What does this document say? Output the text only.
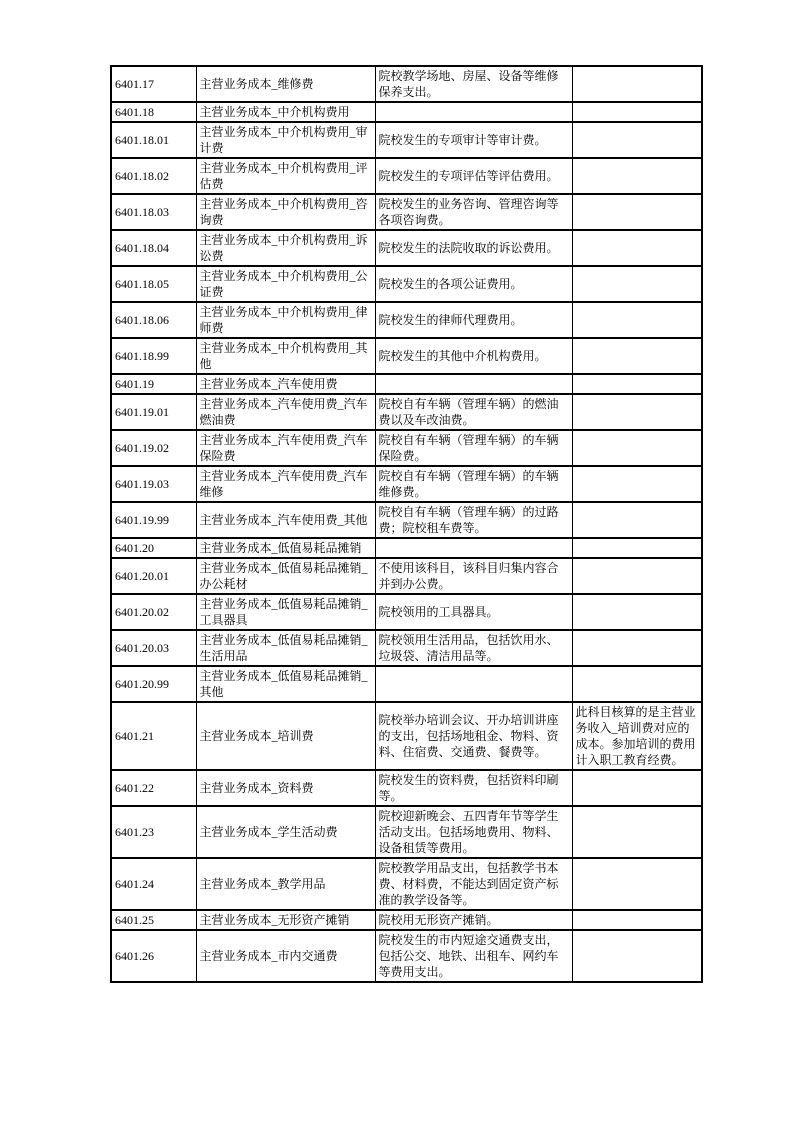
6401.17	主营业务成本_维修费	院校教学场地、房屋、设备等维修保养支出。	
6401.18	主营业务成本_中介机构费用		
6401.18.01	主营业务成本_中介机构费用_审计费	院校发生的专项审计等审计费。	
6401.18.02	主营业务成本_中介机构费用_评估费	院校发生的专项评估等评估费用。	
6401.18.03	主营业务成本_中介机构费用_咨询费	院校发生的业务咨询、管理咨询等各项咨询费。	
6401.18.04	主营业务成本_中介机构费用_诉讼费	院校发生的法院收取的诉讼费用。	
6401.18.05	主营业务成本_中介机构费用_公证费	院校发生的各项公证费用。	
6401.18.06	主营业务成本_中介机构费用_律师费	院校发生的律师代理费用。	
6401.18.99	主营业务成本_中介机构费用_其他	院校发生的其他中介机构费用。	
6401.19	主营业务成本_汽车使用费		
6401.19.01	主营业务成本_汽车使用费_汽车燃油费	院校自有车辆（管理车辆）的燃油费以及车改油费。	
6401.19.02	主营业务成本_汽车使用费_汽车保险费	院校自有车辆（管理车辆）的车辆保险费。	
6401.19.03	主营业务成本_汽车使用费_汽车维修	院校自有车辆（管理车辆）的车辆维修费。	
6401.19.99	主营业务成本_汽车使用费_其他	院校自有车辆（管理车辆）的过路费；院校租车费等。	
6401.20	主营业务成本_低值易耗品摊销		
6401.20.01	主营业务成本_低值易耗品摊销_办公耗材	不使用该科目，该科目归集内容合并到办公费。	
6401.20.02	主营业务成本_低值易耗品摊销_工具器具	院校领用的工具器具。	
6401.20.03	主营业务成本_低值易耗品摊销_生活用品	院校领用生活用品，包括饮用水、垃圾袋、清洁用品等。	
6401.20.99	主营业务成本_低值易耗品摊销_其他		
6401.21	主营业务成本_培训费	院校举办培训会议、开办培训讲座的支出，包括场地租金、物料、资料、住宿费、交通费、餐费等。	此科目核算的是主营业务收入_培训费对应的成本。参加培训的费用计入职工教育经费。
6401.22	主营业务成本_资料费	院校发生的资料费，包括资料印刷等。	
6401.23	主营业务成本_学生活动费	院校迎新晚会、五四青年节等学生活动支出。包括场地费用、物料、设备租赁等费用。	
6401.24	主营业务成本_教学用品	院校教学用品支出，包括教学书本费、材料费，不能达到固定资产标准的教学设备等。	
6401.25	主营业务成本_无形资产摊销	院校用无形资产摊销。	
6401.26	主营业务成本_市内交通费	院校发生的市内短途交通费支出，包括公交、地铁、出租车、网约车等费用支出。	
